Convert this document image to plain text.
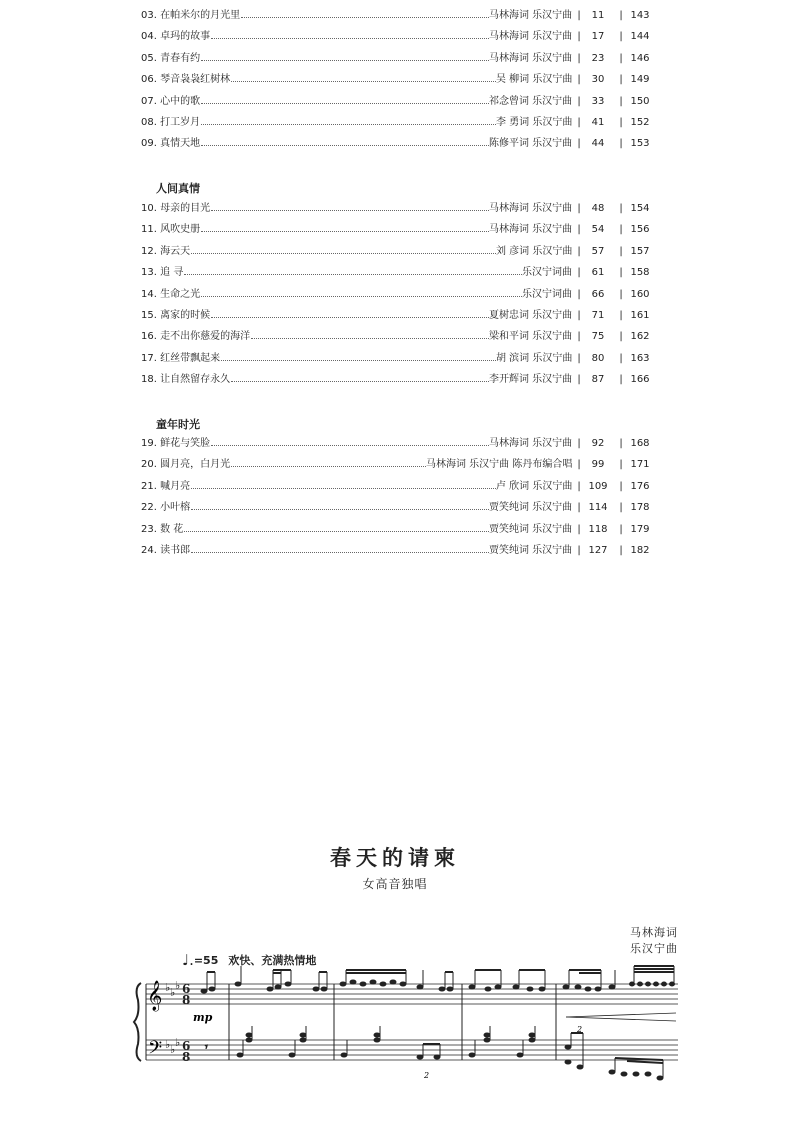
03. 在帕米尔的月光里	马林海词 乐汉宁曲 |	11	| 143
04. 卓玛的故事	马林海词 乐汉宁曲 |	17	| 144
05. 青春有约	马林海词 乐汉宁曲 |	23	| 146
06. 琴音袅袅红树林	吴 柳词 乐汉宁曲 |	30	| 149
07. 心中的歌	祁念曾词 乐汉宁曲 |	33	| 150
08. 打工岁月	李 勇词 乐汉宁曲 |	41	| 152
09. 真情天地	陈修平词 乐汉宁曲 |	44	| 153
10. 母亲的目光	马林海词 乐汉宁曲 |	48	| 154
11. 风吹史册	马林海词 乐汉宁曲 |	54	| 156
12. 海云天	刘 彦词 乐汉宁曲 |	57	| 157
13. 追 寻	乐汉宁词曲 |	61	| 158
14. 生命之光	乐汉宁词曲 |	66	| 160
15. 离家的时候	夏树忠词 乐汉宁曲 |	71	| 161
16. 走不出你慈爱的海洋	梁和平词 乐汉宁曲 |	75	| 162
17. 红丝带飘起来	胡 滨词 乐汉宁曲 |	80	| 163
18. 让自然留存永久	李开辉词 乐汉宁曲 |	87	| 166
19. 鲜花与笑脸	马林海词 乐汉宁曲 |	92	| 168
20. 圆月亮，白月光	马林海词 乐汉宁曲 陈丹布编合唱 |	99	| 171
21. 喊月亮	卢 欣词 乐汉宁曲 | 109	| 176
22. 小叶榕	贾笑纯词 乐汉宁曲 | 114	| 178
23. 数 花	贾笑纯词 乐汉宁曲 | 118	| 179
24. 读书郎	贾笑纯词 乐汉宁曲 | 127	| 182
人间真情
童年时光
春天的请柬
女高音独唱
马林海词
乐汉宁曲
♩.=55 欢快、充满热情地
𝄞
𝄢
♭ ♭
♭
♭ ♭
♭
6
8
6
8
mp
𝄾
2
2
